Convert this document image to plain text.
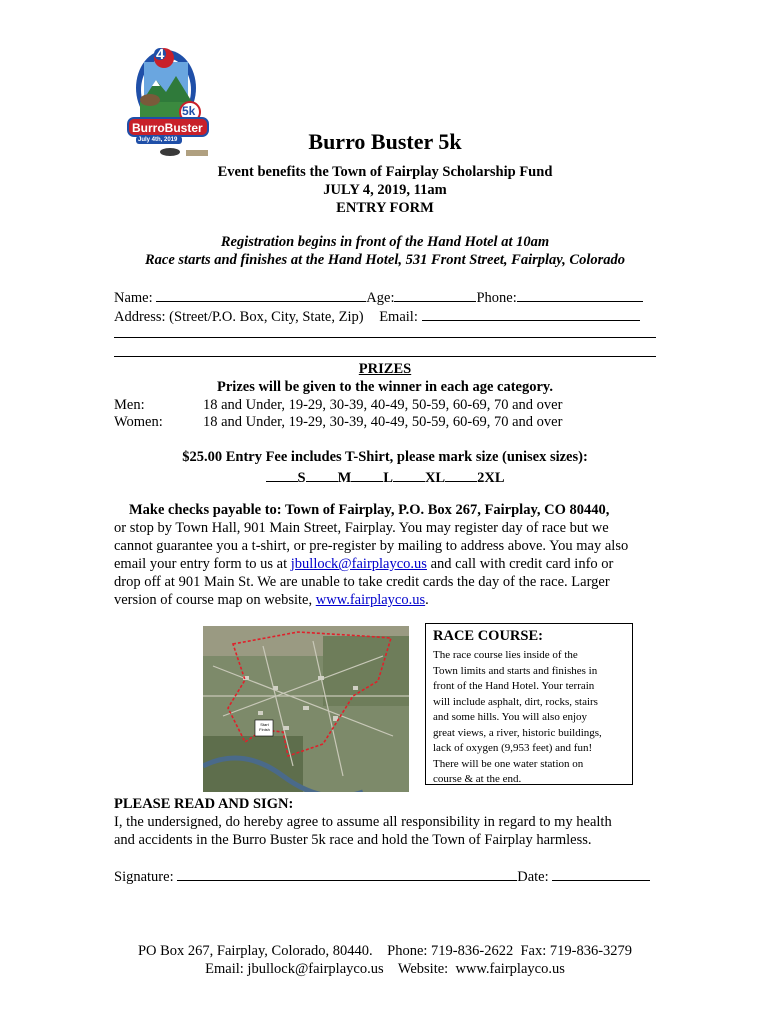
4
5k
BurroBuster
July 4th, 2019	Burro Buster 5k
Event benefits the Town of Fairplay Scholarship Fund
JULY 4, 2019, 11am
ENTRY FORM
Registration begins in front of the Hand Hotel at 10am
Race starts and finishes at the Hand Hotel, 531 Front Street, Fairplay, Colorado
Name:	Age:	Phone:
Address: (Street/P.O. Box, City, State, Zip) Email:
PRIZES
Prizes will be given to the winner in each age category.
Men:	18 and Under, 19-29, 30-39, 40-49, 50-59, 60-69, 70 and over
Women:	18 and Under, 19-29, 30-39, 40-49, 50-59, 60-69, 70 and over
$25.00 Entry Fee includes T-Shirt, please mark size (unisex sizes):
S M L XL 2XL
Make checks payable to: Town of Fairplay, P.O. Box 267, Fairplay, CO 80440,
or stop by Town Hall, 901 Main Street, Fairplay. You may register day of race but we
cannot guarantee you a t-shirt, or pre-register by mailing to address above. You may also
email your entry form to us at jbullock@fairplayco.us and call with credit card info or
drop off at 901 Main St. We are unable to take credit cards the day of the race. Larger
version of course map on website, www.fairplayco.us.
Start Finish
RACE COURSE:
The race course lies inside of the
Town limits and starts and finishes in
front of the Hand Hotel. Your terrain
will include asphalt, dirt, rocks, stairs
and some hills. You will also enjoy
great views, a river, historic buildings,
lack of oxygen (9,953 feet) and fun!
There will be one water station on
course & at the end.
PLEASE READ AND SIGN:
I, the undersigned, do hereby agree to assume all responsibility in regard to my health
and accidents in the Burro Buster 5k race and hold the Town of Fairplay harmless.
Signature:	Date:
PO Box 267, Fairplay, Colorado, 80440.    Phone: 719-836-2622  Fax: 719-836-3279
Email: jbullock@fairplayco.us    Website:  www.fairplayco.us
